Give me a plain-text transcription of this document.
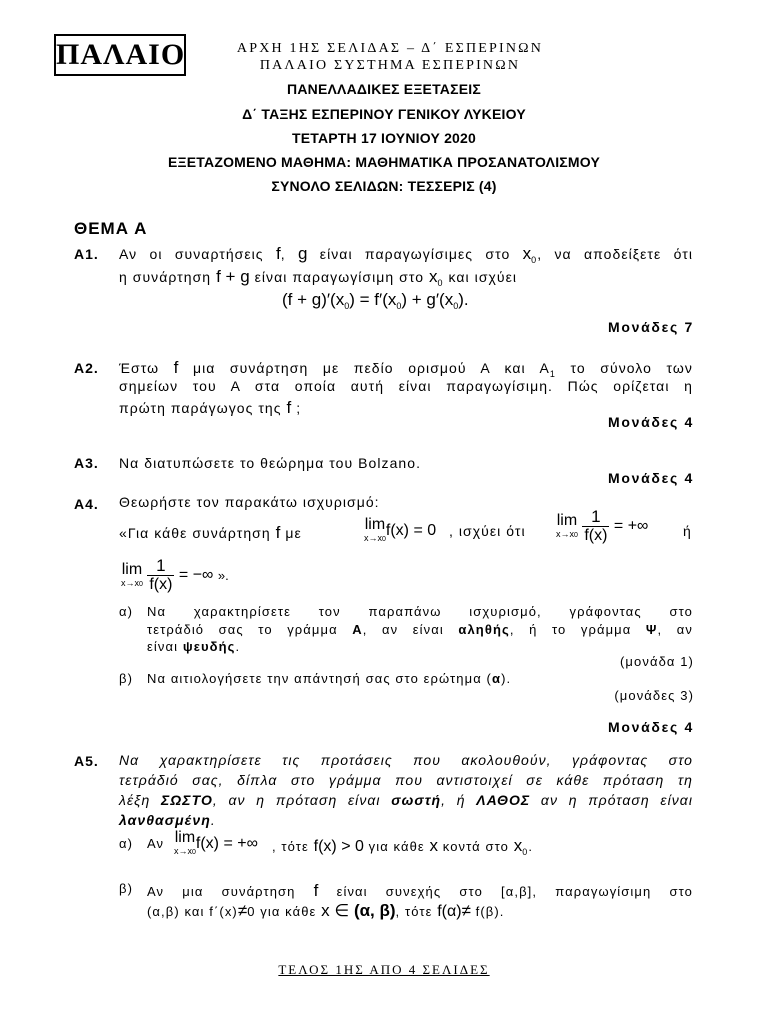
ΠΑΛΑΙΟ	ΑΡΧΗ 1ΗΣ ΣΕΛΙΔΑΣ – Δ΄ ΕΣΠΕΡΙΝΩΝ
ΠΑΛΑΙΟ ΣΥΣΤΗΜΑ ΕΣΠΕΡΙΝΩΝ
ΠΑΝΕΛΛΑΔΙΚΕΣ ΕΞΕΤΑΣΕΙΣ
Δ΄ ΤΑΞΗΣ ΕΣΠΕΡΙΝΟΥ ΓΕΝΙΚΟΥ ΛΥΚΕΙΟΥ
ΤΕΤΑΡΤΗ 17 ΙΟΥΝΙΟΥ 2020
ΕΞΕΤΑΖΟΜΕΝΟ ΜΑΘΗΜΑ: ΜΑΘΗΜΑΤΙΚΑ ΠΡΟΣΑΝΑΤΟΛΙΣΜΟΥ
ΣΥΝΟΛΟ ΣΕΛΙΔΩΝ: ΤΕΣΣΕΡΙΣ (4)
ΘΕΜΑ Α
Α1. Αν οι συναρτήσεις f, g είναι παραγωγίσιμες στο $x_0$, να αποδείξετε ότι
η συνάρτηση f + g είναι παραγωγίσιμη στο $x_0$ και ισχύει
$(f + g)'(x_0) = f'(x_0) + g'(x_0)$.
Μονάδες 7
Α2. Έστω f μια συνάρτηση με πεδίο ορισμού Α και $A_1$ το σύνολο των
σημείων του Α στα οποία αυτή είναι παραγωγίσιμη. Πώς ορίζεται η
πρώτη παράγωγος της f ;
Μονάδες 4
Α3. Να διατυπώσετε το θεώρημα του Bolzano.
Μονάδες 4
Α4. Θεωρήστε τον παρακάτω ισχυρισμό:
«Για κάθε συνάρτηση f με	lim
x→x0
f(x) = 0 , ισχύει ότι
lim
x→x0
$\frac{1}{f(x)}$ = +∞ ή
lim
x→x0
$\frac{1}{f(x)}$ = −∞ ».
α) Να χαρακτηρίσετε τον παραπάνω ισχυρισμό, γράφοντας στο
τετράδιό σας το γράμμα Α, αν είναι αληθής, ή το γράμμα Ψ, αν
είναι ψευδής.
(μονάδα 1)
β) Να αιτιολογήσετε την απάντησή σας στο ερώτημα (α).
(μονάδες 3)
Μονάδες 4
Α5. Να χαρακτηρίσετε τις προτάσεις που ακολουθούν, γράφοντας στο
τετράδιό σας, δίπλα στο γράμμα που αντιστοιχεί σε κάθε πρόταση τη
λέξη ΣΩΣΤΟ, αν η πρόταση είναι σωστή, ή ΛΑΘΟΣ αν η πρόταση είναι
λανθασμένη.
α) Αν lim
x→x0
f(x) = +∞ , τότε f(x) > 0 για κάθε x κοντά στο $x_0$.
β) Αν μια συνάρτηση f είναι συνεχής στο [α,β], παραγωγίσιμη στο
(α,β) και f΄(x)≠0 για κάθε x ∈ (α, β), τότε f(α)≠ f(β).
ΤΕΛΟΣ 1ΗΣ ΑΠΟ 4 ΣΕΛΙΔΕΣ
